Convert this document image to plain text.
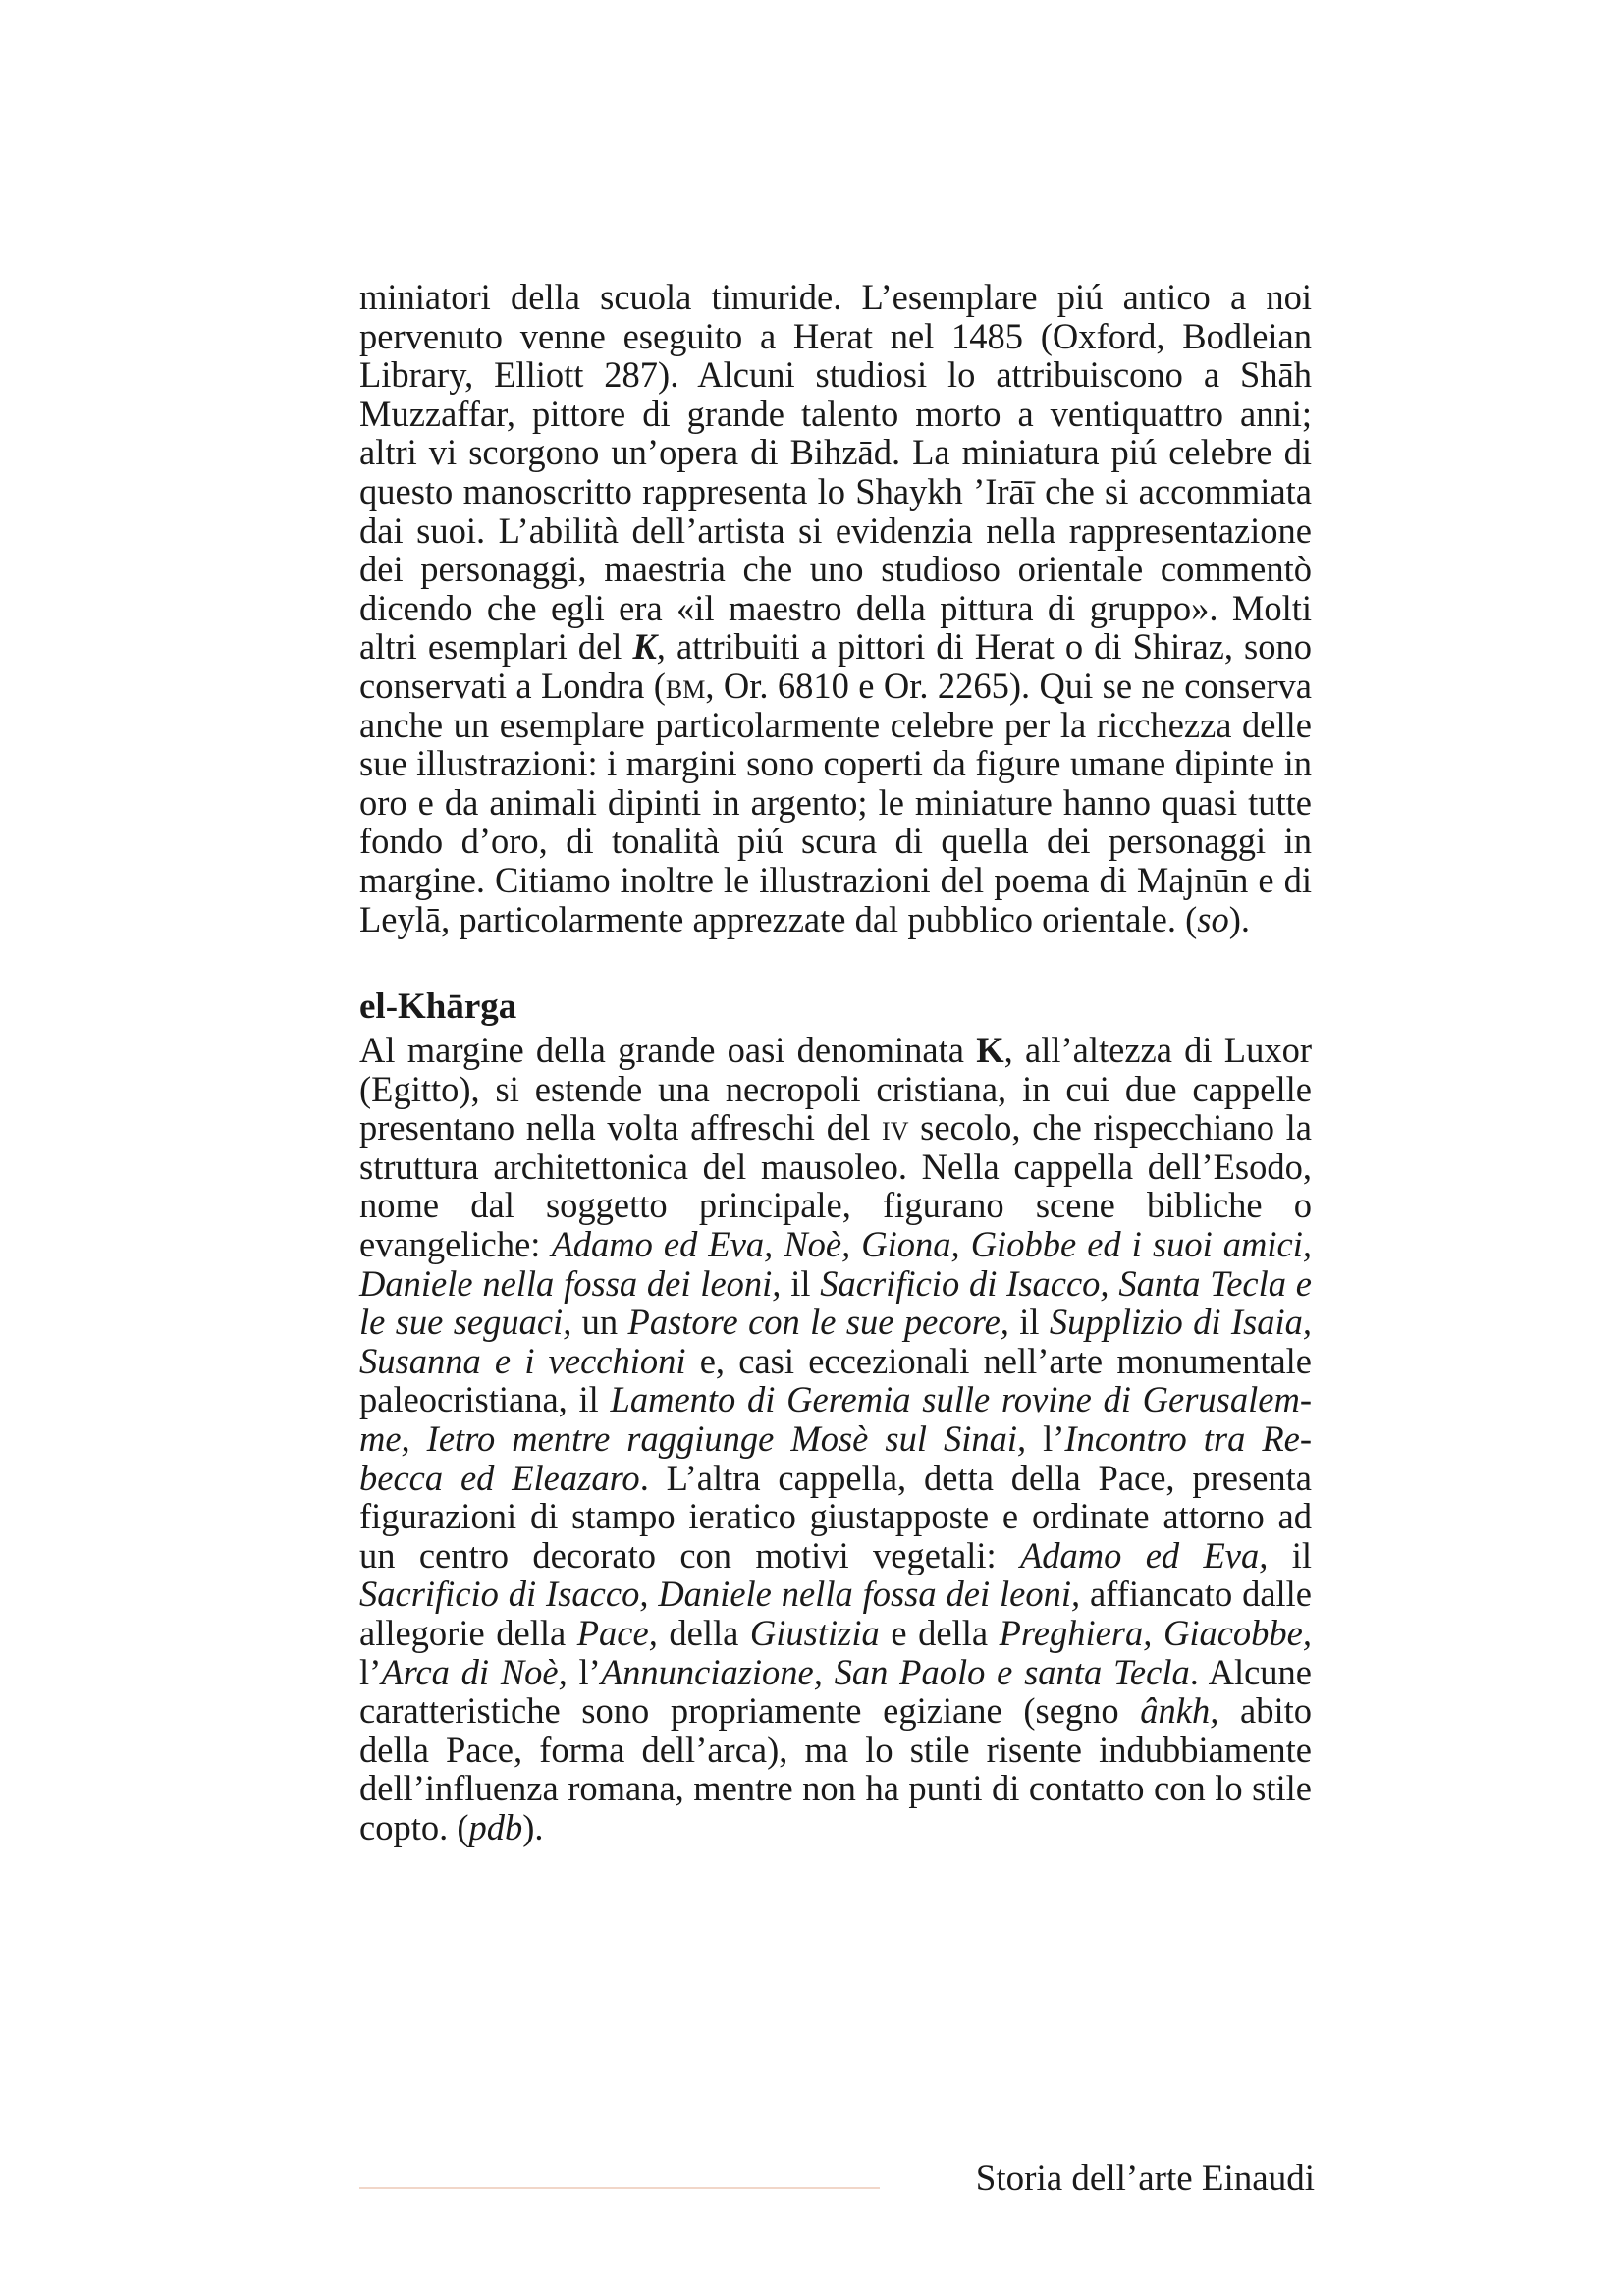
miniatori della scuola timuride. L’esemplare piú antico a noi pervenuto venne eseguito a Herat nel 1485 (Oxford, Bodleian Library, Elliott 287). Alcuni studiosi lo attribuiscono a Shāh Muzzaffar, pittore di grande talento morto a ventiquattro anni; altri vi scorgono un’opera di Bihzād. La miniatura piú celebre di questo manoscritto rappresenta lo Shaykh ’Irāī che si accommiata dai suoi. L’abilità dell’artista si evidenzia nella rappresentazione dei personaggi, maestria che uno studioso orientale commentò dicendo che egli era «il maestro della pittura di gruppo». Molti altri esemplari del K, attribuiti a pittori di Herat o di Shiraz, sono conservati a Londra (bm, Or. 6810 e Or. 2265). Qui se ne conserva anche un esemplare particolarmente celebre per la ricchezza delle sue illustrazioni: i margini sono coperti da figure umane dipinte in oro e da animali dipinti in argento; le miniature hanno quasi tutte fondo d’oro, di tonalità piú scura di quella dei personaggi in margine. Citiamo inoltre le illustrazioni del poema di Majnūn e di Leylā, particolarmente apprezzate dal pubblico orientale. (so).

el-Khārga

Al margine della grande oasi denominata K, all’altezza di Luxor (Egitto), si estende una necropoli cristiana, in cui due cappelle presentano nella volta affreschi del iv secolo, che rispecchiano la struttura architettonica del mausoleo. Nella cappella dell’Esodo, nome dal soggetto principale, figurano scene bibliche o evangeliche: Adamo ed Eva, Noè, Giona, Giobbe ed i suoi amici, Daniele nella fossa dei leoni, il Sacrificio di Isacco, Santa Tecla e le sue seguaci, un Pastore con le sue pecore, il Supplizio di Isaia, Susanna e i vecchioni e, casi eccezionali nell’arte monumentale paleocristiana, il Lamento di Geremia sulle rovine di Gerusalemme, Ietro mentre raggiunge Mosè sul Sinai, l’Incontro tra Rebecca ed Eleazaro. L’altra cappella, detta della Pace, presenta figurazioni di stampo ieratico giustapposte e ordinate attorno ad un centro decorato con motivi vegetali: Adamo ed Eva, il Sacrificio di Isacco, Daniele nella fossa dei leoni, affiancato dalle allegorie della Pace, della Giustizia e della Preghiera, Giacobbe, l’Arca di Noè, l’Annunciazione, San Paolo e santa Tecla. Alcune caratteristiche sono propriamente egiziane (segno ânkh, abito della Pace, forma dell’arca), ma lo stile risente indubbiamente dell’influenza romana, mentre non ha punti di contatto con lo stile copto. (pdb).

Storia dell’arte Einaudi
